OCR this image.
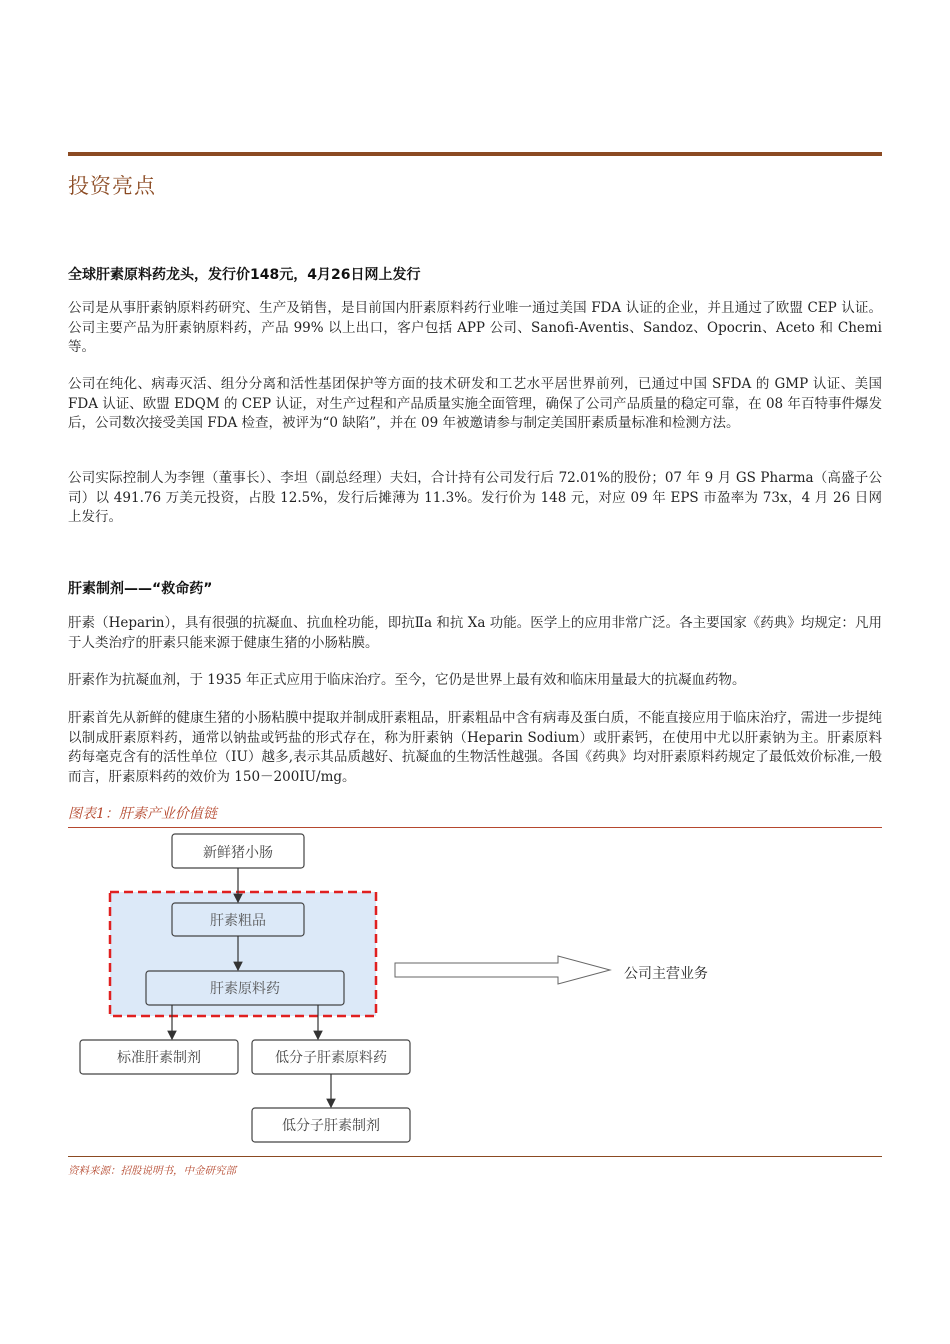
投资亮点
全球肝素原料药龙头，发行价148元，4月26日网上发行

公司是从事肝素钠原料药研究、生产及销售，是目前国内肝素原料药行业唯一通过美国 FDA 认证的企业，并且通过了欧盟 CEP 认证。公司主要产品为肝素钠原料药，产品 99% 以上出口，客户包括 APP 公司、Sanofi-Aventis、Sandoz、Opocrin、Aceto 和 Chemi 等。

公司在纯化、病毒灭活、组分分离和活性基团保护等方面的技术研发和工艺水平居世界前列，已通过中国 SFDA 的 GMP 认证、美国 FDA 认证、欧盟 EDQM 的 CEP 认证，对生产过程和产品质量实施全面管理，确保了公司产品质量的稳定可靠，在 08 年百特事件爆发后，公司数次接受美国 FDA 检查，被评为“0 缺陷”，并在 09 年被邀请参与制定美国肝素质量标准和检测方法。

公司实际控制人为李锂（董事长）、李坦（副总经理）夫妇，合计持有公司发行后 72.01%的股份；07 年 9 月 GS Pharma（高盛子公司）以 491.76 万美元投资，占股 12.5%，发行后摊薄为 11.3%。发行价为 148 元，对应 09 年 EPS 市盈率为 73x，4 月 26 日网上发行。

肝素制剂——“救命药”

肝素（Heparin），具有很强的抗凝血、抗血栓功能，即抗Ⅱa 和抗 Xa 功能。医学上的应用非常广泛。各主要国家《药典》均规定：凡用于人类治疗的肝素只能来源于健康生猪的小肠粘膜。

肝素作为抗凝血剂，于 1935 年正式应用于临床治疗。至今，它仍是世界上最有效和临床用量最大的抗凝血药物。

肝素首先从新鲜的健康生猪的小肠粘膜中提取并制成肝素粗品，肝素粗品中含有病毒及蛋白质，不能直接应用于临床治疗，需进一步提纯以制成肝素原料药，通常以钠盐或钙盐的形式存在，称为肝素钠（Heparin Sodium）或肝素钙，在使用中尤以肝素钠为主。肝素原料药每毫克含有的活性单位（IU）越多,表示其品质越好、抗凝血的生物活性越强。各国《药典》均对肝素原料药规定了最低效价标准,一般而言，肝素原料药的效价为 150－200IU/mg。

图表1：肝素产业价值链

新鲜猪小肠
肝素粗品
肝素原料药
标准肝素制剂	低分子肝素原料药
低分子肝素制剂
公司主营业务

资料来源：招股说明书，中金研究部
